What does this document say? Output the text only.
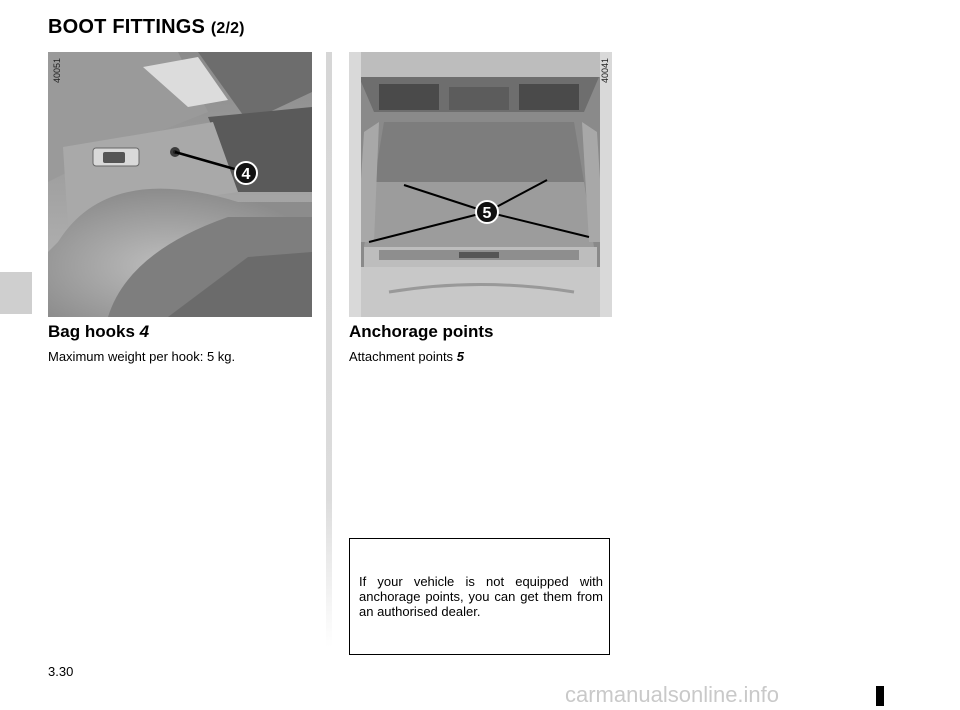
BOOT FITTINGS (2/2)
4
40051
5
40041
Bag hooks 4

Maximum weight per hook: 5 kg.

Anchorage points

Attachment points 5

If your vehicle is not equipped with anchorage points, you can get them from an authorised dealer.

3.30
carmanualsonline.info
